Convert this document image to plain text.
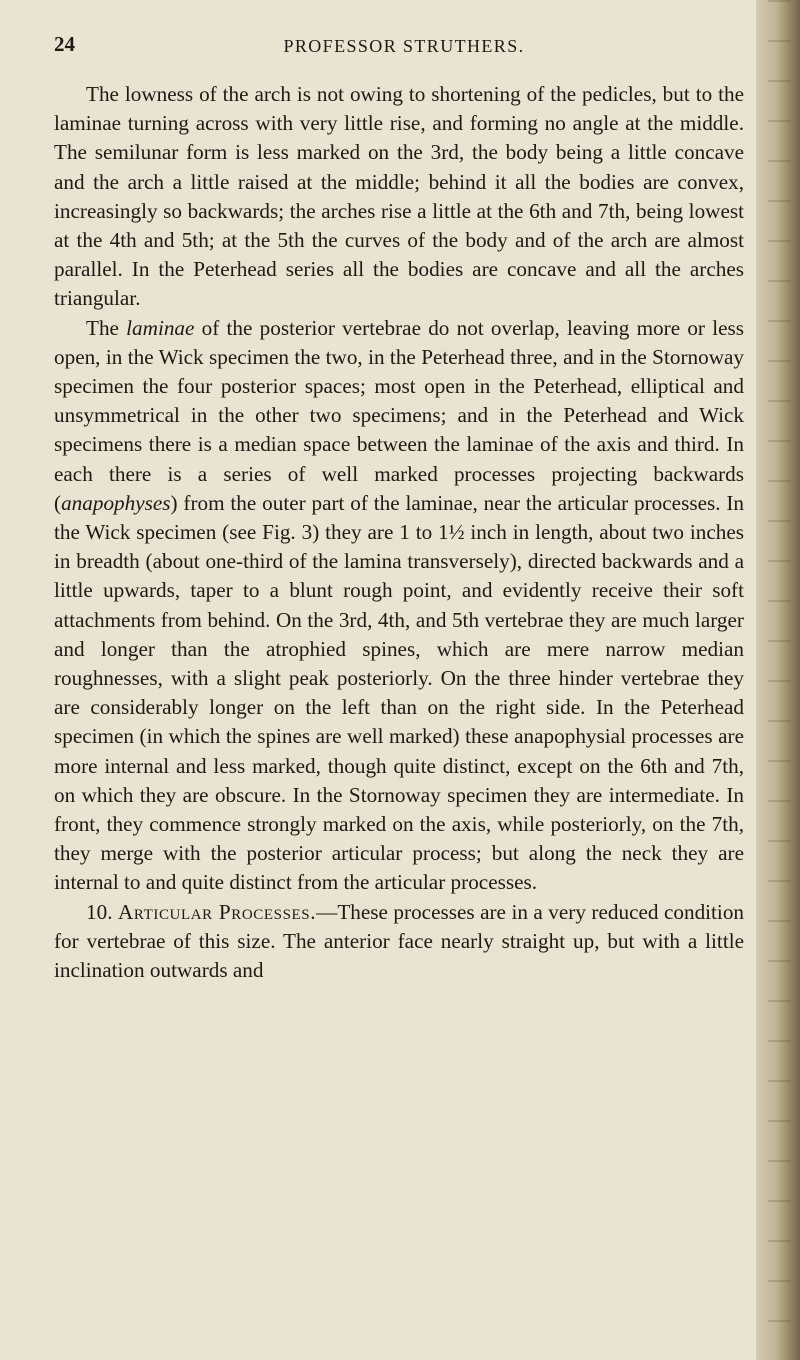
24	PROFESSOR STRUTHERS.

The lowness of the arch is not owing to shortening of the pedicles, but to the laminae turning across with very little rise, and forming no angle at the middle. The semilunar form is less marked on the 3rd, the body being a little concave and the arch a little raised at the middle; behind it all the bodies are convex, increasingly so backwards; the arches rise a little at the 6th and 7th, being lowest at the 4th and 5th; at the 5th the curves of the body and of the arch are almost parallel. In the Peterhead series all the bodies are concave and all the arches triangular.

The laminae of the posterior vertebrae do not overlap, leaving more or less open, in the Wick specimen the two, in the Peterhead three, and in the Stornoway specimen the four posterior spaces; most open in the Peterhead, elliptical and unsymmetrical in the other two specimens; and in the Peterhead and Wick specimens there is a median space between the laminae of the axis and third. In each there is a series of well marked processes projecting backwards (anapophyses) from the outer part of the laminae, near the articular processes. In the Wick specimen (see Fig. 3) they are 1 to 1½ inch in length, about two inches in breadth (about one-third of the lamina transversely), directed backwards and a little upwards, taper to a blunt rough point, and evidently receive their soft attachments from behind. On the 3rd, 4th, and 5th vertebrae they are much larger and longer than the atrophied spines, which are mere narrow median roughnesses, with a slight peak posteriorly. On the three hinder vertebrae they are considerably longer on the left than on the right side. In the Peterhead specimen (in which the spines are well marked) these anapophysial processes are more internal and less marked, though quite distinct, except on the 6th and 7th, on which they are obscure. In the Stornoway specimen they are intermediate. In front, they commence strongly marked on the axis, while posteriorly, on the 7th, they merge with the posterior articular process; but along the neck they are internal to and quite distinct from the articular processes.

10. Articular Processes.—These processes are in a very reduced condition for vertebrae of this size. The anterior face nearly straight up, but with a little inclination outwards and
